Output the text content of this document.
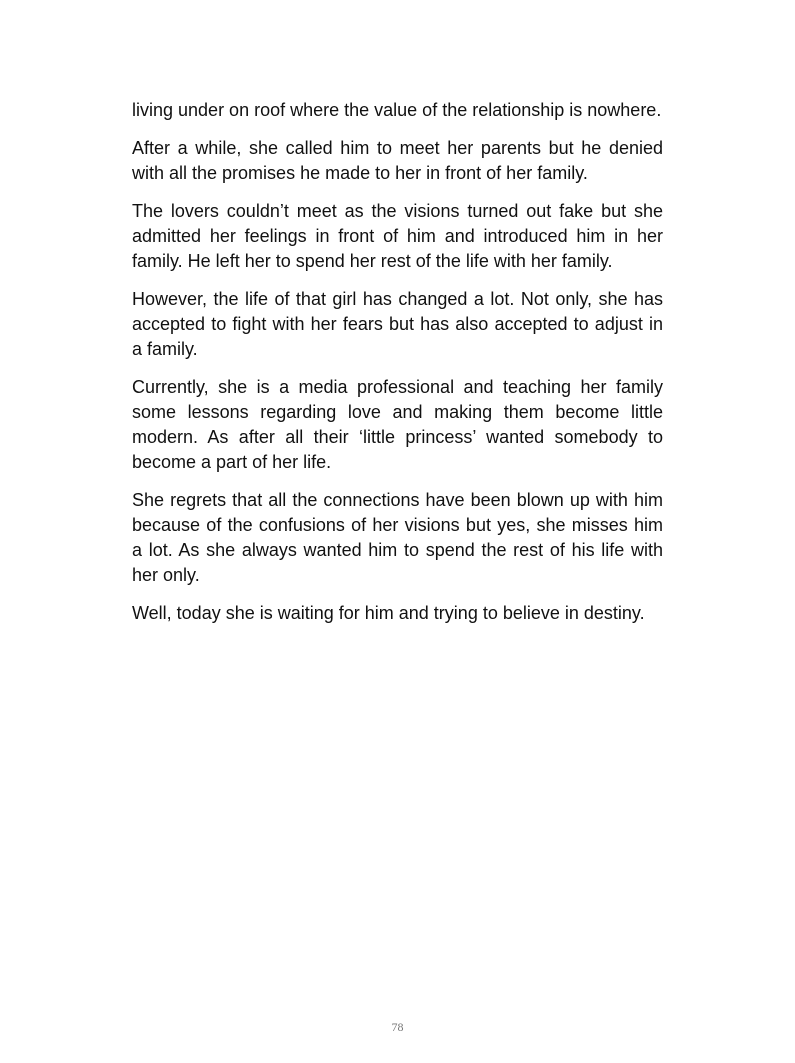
living under on roof where the value of the relationship is nowhere.

After a while, she called him to meet her parents but he denied with all the promises he made to her in front of her family.

The lovers couldn’t meet as the visions turned out fake but she admitted her feelings in front of him and introduced him in her family. He left her to spend her rest of the life with her family.

However, the life of that girl has changed a lot. Not only, she has accepted to fight with her fears but has also accepted to adjust in a family.

Currently, she is a media professional and teaching her family some lessons regarding love and making them become little modern. As after all their ‘little princess’ wanted somebody to become a part of her life.

She regrets that all the connections have been blown up with him because of the confusions of her visions but yes, she misses him a lot. As she always wanted him to spend the rest of his life with her only.

Well, today she is waiting for him and trying to believe in destiny.

78
